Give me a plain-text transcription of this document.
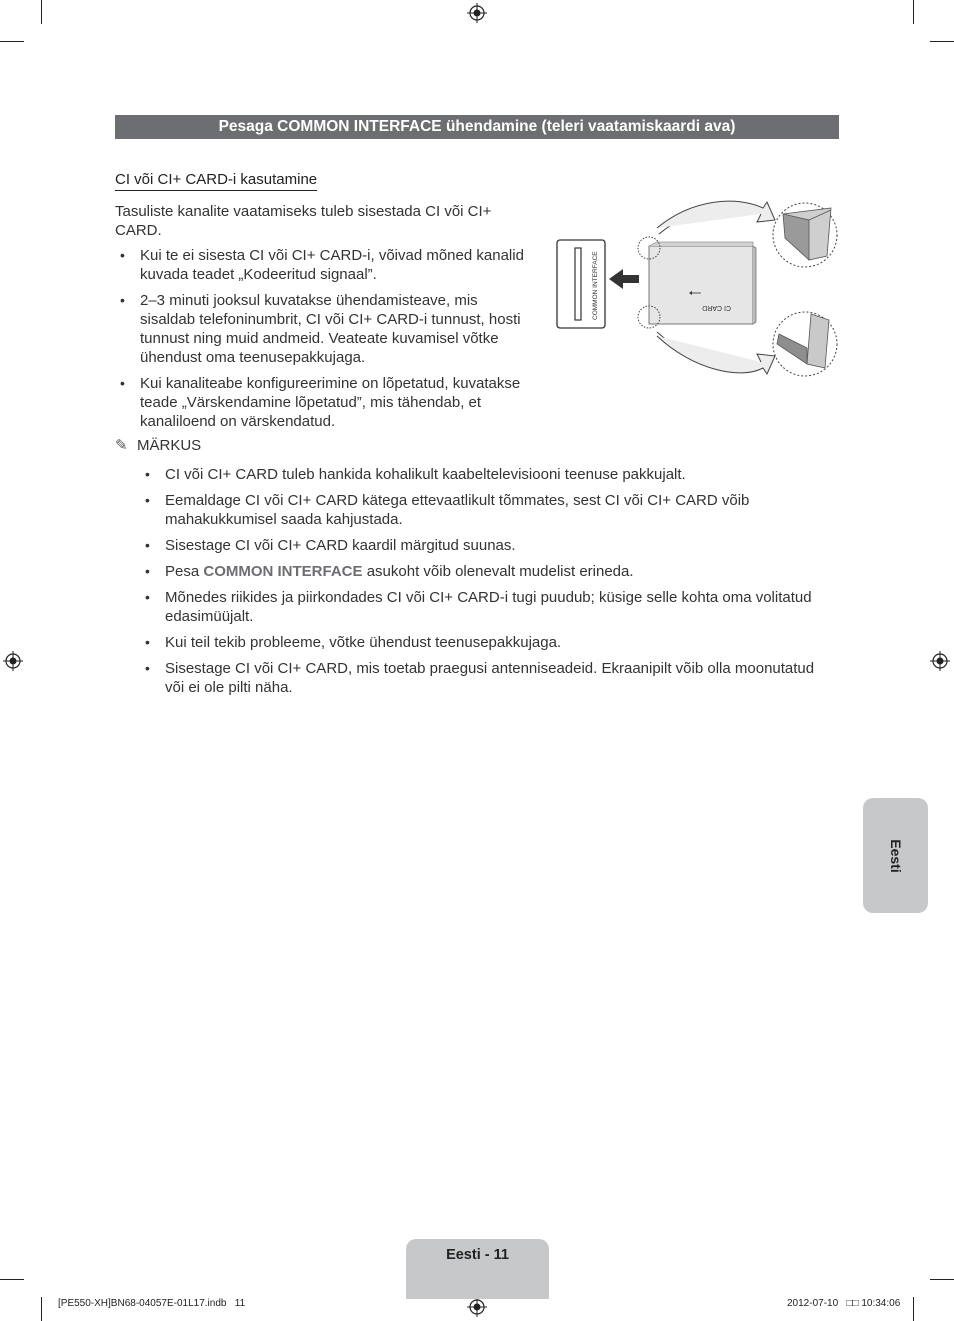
Pesaga COMMON INTERFACE ühendamine (teleri vaatamiskaardi ava)
CI või CI+ CARD-i kasutamine
Tasuliste kanalite vaatamiseks tuleb sisestada CI või CI+ CARD.
• Kui te ei sisesta CI või CI+ CARD-i, võivad mõned kanalid kuvada teadet „Kodeeritud signaal”.
• 2–3 minuti jooksul kuvatakse ühendamisteave, mis sisaldab telefoninumbrit, CI või CI+ CARD-i tunnust, hosti tunnust ning muid andmeid. Veateate kuvamisel võtke ühendust oma teenusepakkujaga.
• Kui kanaliteabe konfigureerimine on lõpetatud, kuvatakse teade „Värskendamine lõpetatud”, mis tähendab, et kanaliloend on värskendatud.
COMMON INTERFACE	CI CARD
✎ MÄRKUS
• CI või CI+ CARD tuleb hankida kohalikult kaabeltelevisiooni teenuse pakkujalt.
• Eemaldage CI või CI+ CARD kätega ettevaatlikult tõmmates, sest CI või CI+ CARD võib mahakukkumisel saada kahjustada.
• Sisestage CI või CI+ CARD kaardil märgitud suunas.
• Pesa COMMON INTERFACE asukoht võib olenevalt mudelist erineda.
• Mõnedes riikides ja piirkondades CI või CI+ CARD-i tugi puudub; küsige selle kohta oma volitatud edasimüüjalt.
• Kui teil tekib probleeme, võtke ühendust teenusepakkujaga.
• Sisestage CI või CI+ CARD, mis toetab praegusi antenniseadeid. Ekraanipilt võib olla moonutatud või ei ole pilti näha.
Eesti
Eesti - 11
[PE550-XH]BN68-04057E-01L17.indb   11	2012-07-10   □□ 10:34:06
